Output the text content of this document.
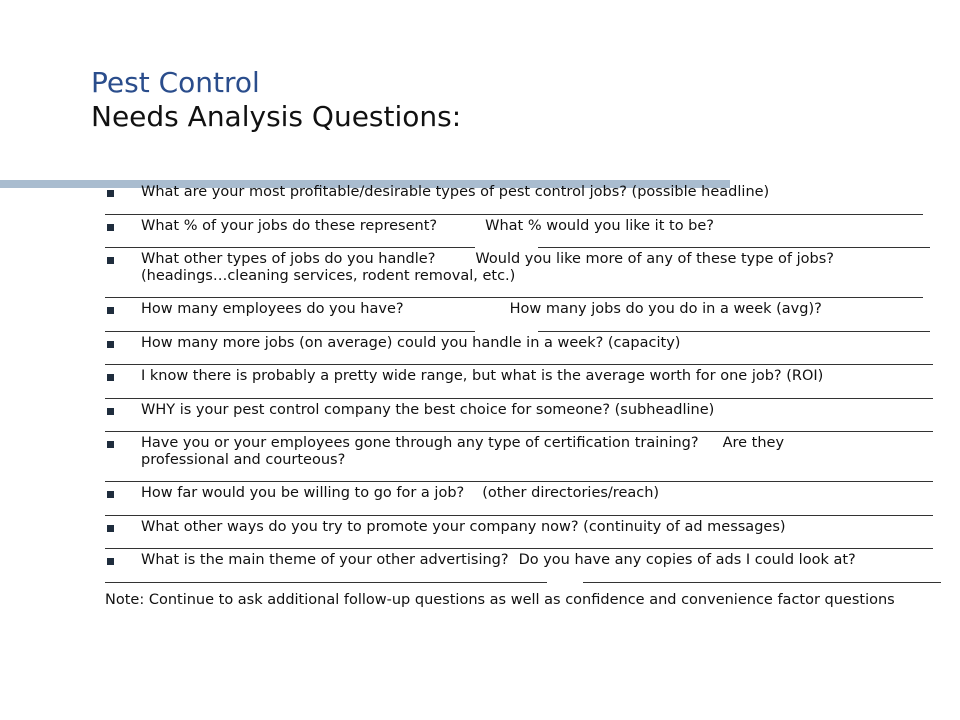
Pest Control
Needs Analysis Questions:

What are your most profitable/desirable types of pest control jobs? (possible headline)

What % of your jobs do these represent?	What % would you like it to be?

What other types of jobs do you handle?	Would you like more of any of these type of jobs?
(headings…cleaning services, rodent removal, etc.)

How many employees do you have?	How many jobs do you do in a week (avg)?

How many more jobs (on average) could you handle in a week? (capacity)

I know there is probably a pretty wide range, but what is the average worth for one job? (ROI)

WHY is your pest control company the best choice for someone? (subheadline)

Have you or your employees gone through any type of certification training? Are they
professional and courteous?

How far would you be willing to go for a job? (other directories/reach)

What other ways do you try to promote your company now? (continuity of ad messages)

What is the main theme of your other advertising? Do you have any copies of ads I could look at?

Note: Continue to ask additional follow-up questions as well as confidence and convenience factor questions
